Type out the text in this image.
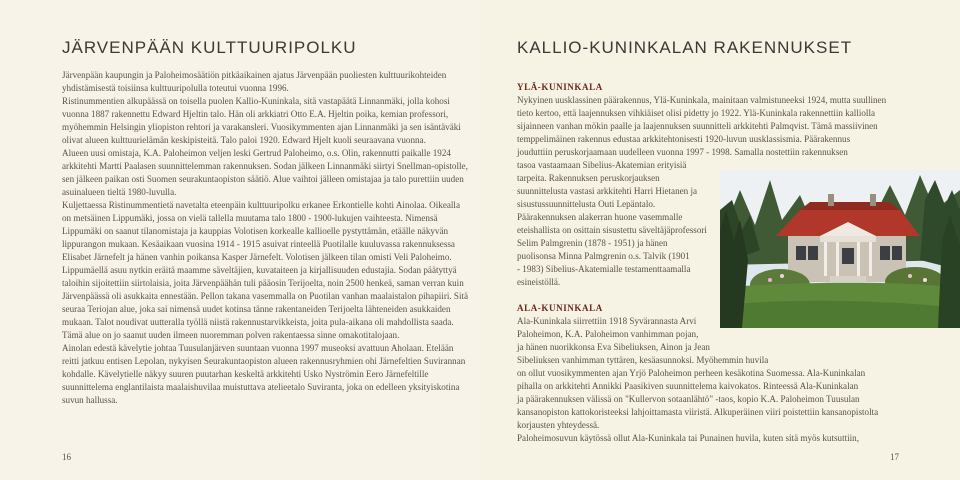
JÄRVENPÄÄN KULTTUURIPOLKU

Järvenpään kaupungin ja Paloheimosäätiön pitkäaikainen ajatus Järvenpään puoliesten kulttuurikohteiden yhdistämisestä toisiinsa kulttuuripolulla toteutui vuonna 1996.

Ristinummentien alkupäässä on toisella puolen Kallio-Kuninkala, sitä vastapäätä Linnanmäki, jolla kohosi vuonna 1887 rakennettu Edward Hjeltin talo. Hän oli arkkiatri Otto E.A. Hjeltin poika, kemian professori, myöhemmin Helsingin yliopiston rehtori ja varakansleri. Vuosikymmenten ajan Linnanmäki ja sen isäntäväki olivat alueen kulttuurielämän keskipisteitä. Talo paloi 1920. Edward Hjelt kuoli seuraavana vuonna.

Alueen uusi omistaja, K.A. Paloheimon veljen leski Gertrud Paloheimo, o.s. Olin, rakennutti paikalle 1924 arkkitehti Martti Paalasen suunnittelemman rakennuksen. Sodan jälkeen Linnanmäki siirtyi Snellman-opistolle, sen jälkeen paikan osti Suomen seurakuntaopiston säätiö. Alue vaihtoi jälleen omistajaa ja talo purettiin uuden asuinalueen tieltä 1980-luvulla.

Kuljettaessa Ristinummentietä navetalta eteenpäin kulttuuripolku erkanee Erkontielle kohti Ainolaa. Oikealla on metsäinen Lippumäki, jossa on vielä tallella muutama talo 1800 - 1900-lukujen vaihteesta. Nimensä Lippumäki on saanut tilanomistaja ja kauppias Volotisen korkealle kallioelle pystyttämän, etäälle näkyvän lippurangon mukaan. Kesäaikaan vuosina 1914 - 1915 asuivat rinteellä Puotilalle kuuluvassa rakennuksessa Elisabet Järnefelt ja hänen vanhin poikansa Kasper Järnefelt. Volotisen jälkeen tilan omisti Veli Paloheimo. Lippumäellä asuu nytkin eräitä maamme säveltäjien, kuvataiteen ja kirjallisuuden edustajia. Sodan päätyttyä taloihin sijoitettiin siirtolaisia, joita Järvenpäähän tuli pääosin Terijoelta, noin 2500 henkeä, saman verran kuin Järvenpäässä oli asukkaita ennestään. Pellon takana vasemmalla on Puotilan vanhan maalaistalon pihapiiri. Sitä seuraa Teriojan alue, joka sai nimensä uudet kotinsa tänne rakentaneiden Terijoelta lähteneiden asukkaiden mukaan. Talot noudivat uutteralla työllä niistä rakennustarvikkeista, joita pula-aikana oli mahdollista saada. Tämä alue on jo saanut uuden ilmeen nuoremman polven rakentaessa sinne omakotitalojaan.

Ainolan edestä kävelytie johtaa Tuusulanjärven suuntaan vuonna 1997 museoksi avattuun Aholaan. Etelään reitti jatkuu entisen Lepolan, nykyisen Seurakuntaopiston alueen rakennusryhmien ohi Järnefeltien Suvirannan kohdalle. Kävelytielle näkyy suuren puutarhan keskeltä arkkitehti Usko Nyströmin Eero Järnefeltille suunnittelema englantilaista maalaishuvilaa muistuttava atelieetalo Suviranta, joka on edelleen yksityiskotina suvun hallussa.

16
KALLIO-KUNINKALAN RAKENNUKSET

YLÄ-KUNINKALA

Nykyinen uusklassinen päärakennus, Ylä-Kuninkala, mainitaan valmistuneeksi 1924, mutta suullinen

tieto kertoo, että laajennuksen vihkiäiset olisi pidetty jo 1922. Ylä-Kuninkala rakennettiin kalliolla

sijainneen vanhan mökin paalle ja laajennuksen suunnitteli arkkitehti Palmqvist. Tämä massiivinen

temppelimäinen rakennus edustaa arkkitehtonisesti 1920-luvun uusklassismia. Päärakennus

jouduttiin peruskorjaamaan uudelleen vuonna 1997 - 1998. Samalla nostettiin rakennuksen

tasoa vastaamaan Sibelius-Akatemian erityisiä

tarpeita. Rakennuksen peruskorjauksen

suunnittelusta vastasi arkkitehti Harri Hietanen ja

sisustussuunnittelusta Outi Lepäntalo.

Päärakennuksen alakerran huone vasemmalle

eteishallista on osittain sisustettu säveltäjäprofessori

Selim Palmgrenin (1878 - 1951) ja hänen

puolisonsa Minna Palmgrenin o.s. Talvik (1901

- 1983) Sibelius-Akatemialle testamenttaamalla

esineistöllä.

ALA-KUNINKALA

Ala-Kuninkala siirrettiin 1918 Syvärannasta Arvi

Paloheimon, K.A. Paloheimon vanhimman pojan,

ja hänen nuorikkonsa Eva Sibeliuksen, Ainon ja Jean

Sibeliuksen vanhimman tyttären, kesäasunnoksi. Myöhemmin huvila

on ollut vuosikymmenten ajan Yrjö Paloheimon perheen kesäkotina Suomessa. Ala-Kuninkalan

pihalla on arkkitehti Annikki Paasikiven suunnittelema kaivokatos. Rinteessä Ala-Kuninkalan

ja päärakennuksen välissä on "Kullervon sotaanlähtö" -taos, kopio K.A. Paloheimon Tuusulan

kansanopiston kattokoristeeksi lahjoittamasta viiristä. Alkuperäinen viiri poistettiin kansanopistolta

korjausten yhteydessä.

Paloheimosuvun käytössä ollut Ala-Kuninkala tai Punainen huvila, kuten sitä myös kutsuttiin,

17
